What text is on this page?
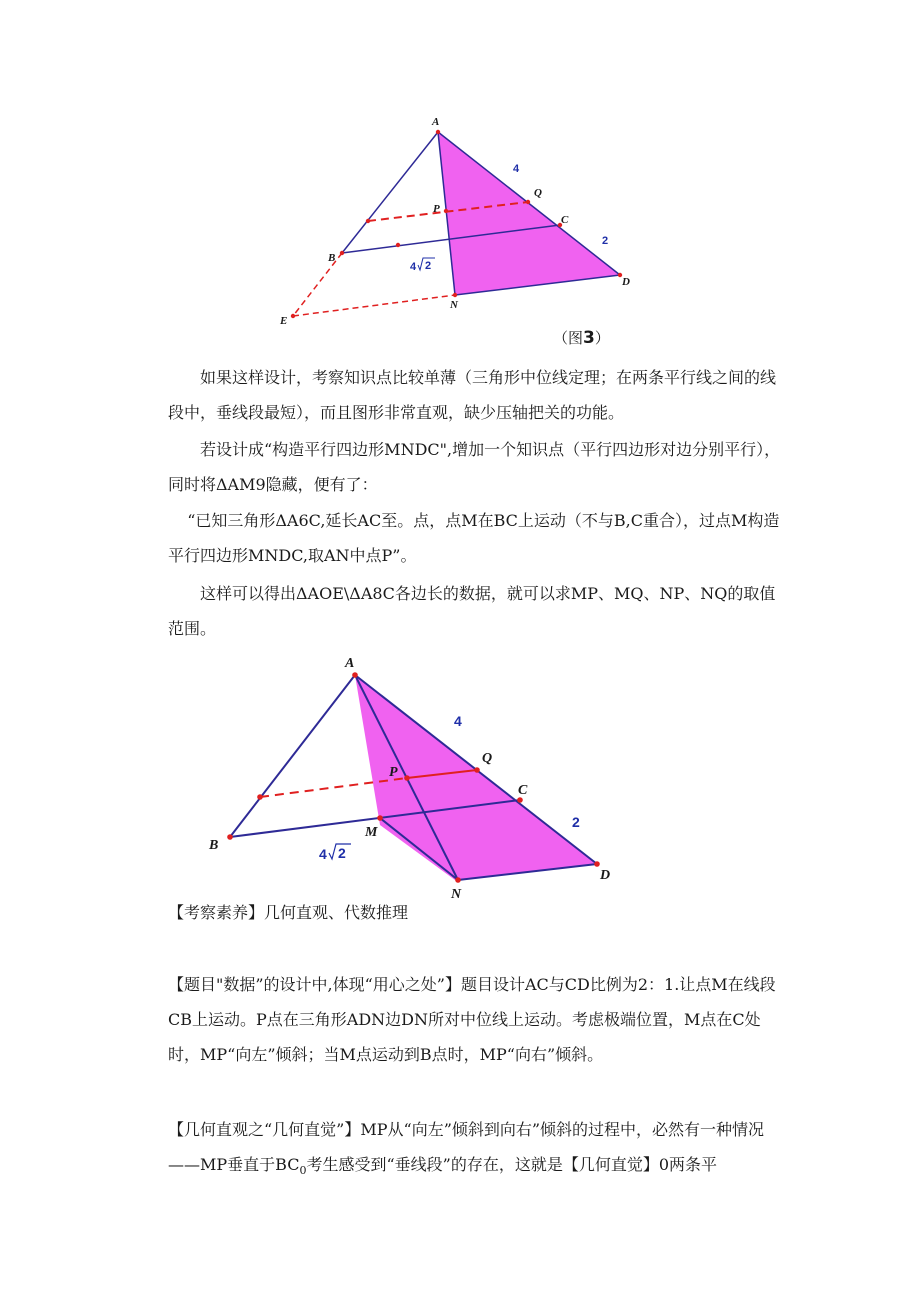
A
B
C
D
E
N
P
Q
4
2
4 2
（图3）

如果这样设计，考察知识点比较单薄（三角形中位线定理；在两条平行线之间的线段中，垂线段最短），而且图形非常直观，缺少压轴把关的功能。

若设计成“构造平行四边形MNDC",增加一个知识点（平行四边形对边分别平行），同时将ΔAM9隐藏，便有了：

“已知三角形ΔA6C,延长AC至。点，点M在BC上运动（不与B,C重合），过点M构造平行四边形MNDC,取AN中点P”。

这样可以得出ΔAOE\ΔA8C各边长的数据，就可以求MP、MQ、NP、NQ的取值范围。

A
B
C
D
N
M
P
Q
4
2
4 2

【考察素养】几何直观、代数推理

【题目"数据”的设计中,体现“用心之处”】题目设计AC与CD比例为2：1.让点M在线段CB上运动。P点在三角形ADN边DN所对中位线上运动。考虑极端位置，M点在C处时，MP“向左”倾斜；当M点运动到B点时，MP“向右”倾斜。

【几何直观之“几何直觉”】MP从“向左”倾斜到向右”倾斜的过程中，必然有一种情况——MP垂直于$BC_0$考生感受到“垂线段”的存在，这就是【几何直觉】0两条平
